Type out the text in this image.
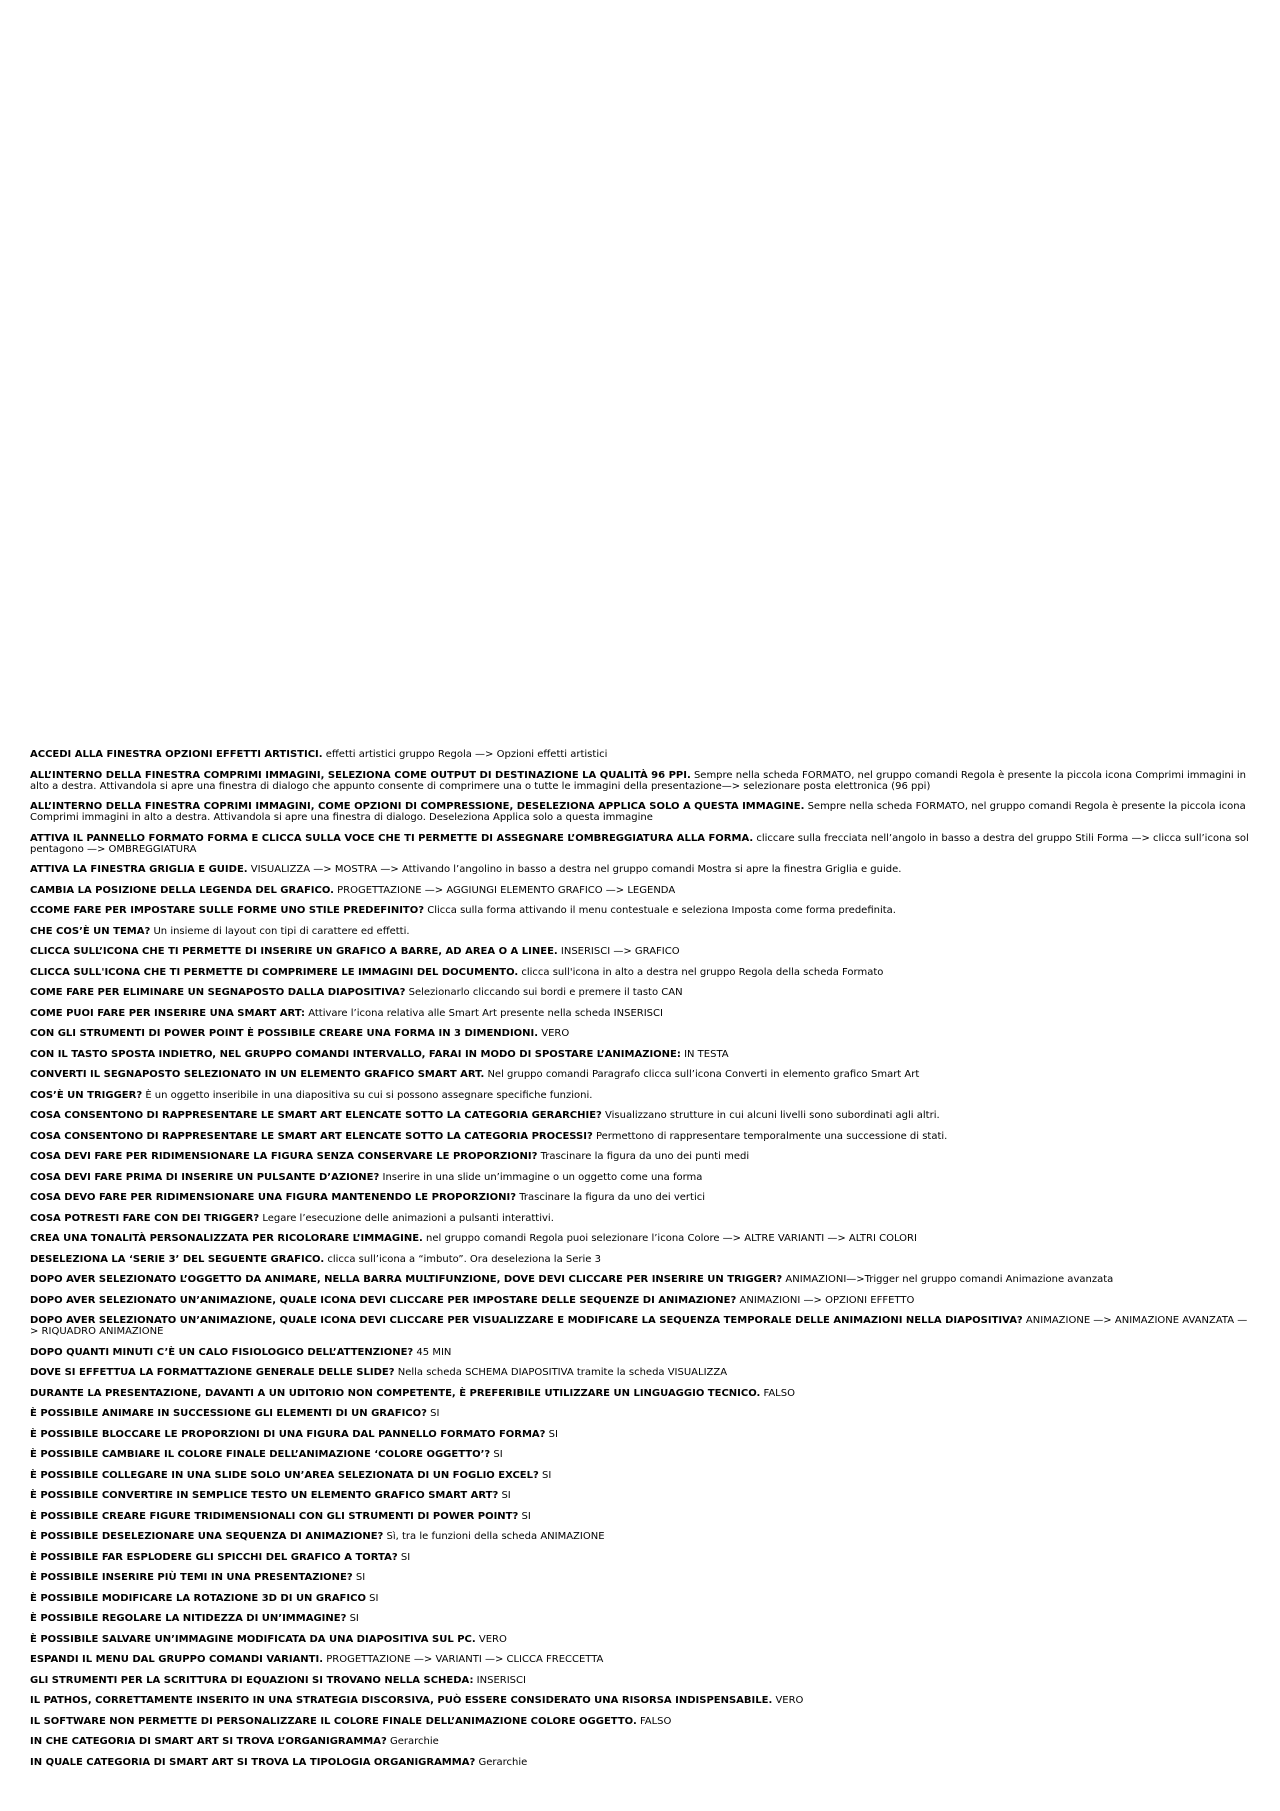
ACCEDI ALLA FINESTRA OPZIONI EFFETTI ARTISTICI. effetti artistici gruppo Regola —> Opzioni effetti artistici
ALL’INTERNO DELLA FINESTRA COMPRIMI IMMAGINI, SELEZIONA COME OUTPUT DI DESTINAZIONE LA QUALITÀ 96 PPI. Sempre nella scheda FORMATO, nel gruppo comandi Regola è presente la piccola icona Comprimi immagini in alto a destra. Attivandola si apre una finestra di dialogo che appunto consente di comprimere una o tutte le immagini della presentazione—> selezionare posta elettronica (96 ppi)
ALL’INTERNO DELLA FINESTRA COPRIMI IMMAGINI, COME OPZIONI DI COMPRESSIONE, DESELEZIONA APPLICA SOLO A QUESTA IMMAGINE. Sempre nella scheda FORMATO, nel gruppo comandi Regola è presente la piccola icona Comprimi immagini in alto a destra. Attivandola si apre una finestra di dialogo. Deseleziona Applica solo a questa immagine
ATTIVA IL PANNELLO FORMATO FORMA E CLICCA SULLA VOCE CHE TI PERMETTE DI ASSEGNARE L’OMBREGGIATURA ALLA FORMA. cliccare sulla frecciata nell’angolo in basso a destra del gruppo Stili Forma —> clicca sull’icona sol pentagono —> OMBREGGIATURA
ATTIVA LA FINESTRA GRIGLIA E GUIDE. VISUALIZZA —> MOSTRA —> Attivando l’angolino in basso a destra nel gruppo comandi Mostra si apre la finestra Griglia e guide.
CAMBIA LA POSIZIONE DELLA LEGENDA DEL GRAFICO. PROGETTAZIONE —> AGGIUNGI ELEMENTO GRAFICO —> LEGENDA
CCOME FARE PER IMPOSTARE SULLE FORME UNO STILE PREDEFINITO? Clicca sulla forma attivando il menu contestuale e seleziona Imposta come forma predefinita.
CHE COS’È UN TEMA? Un insieme di layout con tipi di carattere ed effetti.
CLICCA SULL’ICONA CHE TI PERMETTE DI INSERIRE UN GRAFICO A BARRE, AD AREA O A LINEE. INSERISCI —> GRAFICO
CLICCA SULL'ICONA CHE TI PERMETTE DI COMPRIMERE LE IMMAGINI DEL DOCUMENTO. clicca sull'icona in alto a destra nel gruppo Regola della scheda Formato
COME FARE PER ELIMINARE UN SEGNAPOSTO DALLA DIAPOSITIVA? Selezionarlo cliccando sui bordi e premere il tasto CAN
COME PUOI FARE PER INSERIRE UNA SMART ART: Attivare l’icona relativa alle Smart Art presente nella scheda INSERISCI
CON GLI STRUMENTI DI POWER POINT È POSSIBILE CREARE UNA FORMA IN 3 DIMENDIONI. VERO
CON IL TASTO SPOSTA INDIETRO, NEL GRUPPO COMANDI INTERVALLO, FARAI IN MODO DI SPOSTARE L’ANIMAZIONE: IN TESTA
CONVERTI IL SEGNAPOSTO SELEZIONATO IN UN ELEMENTO GRAFICO SMART ART. Nel gruppo comandi Paragrafo clicca sull’icona Converti in elemento grafico Smart Art
COS’È UN TRIGGER? È un oggetto inseribile in una diapositiva su cui si possono assegnare specifiche funzioni.
COSA CONSENTONO DI RAPPRESENTARE LE SMART ART ELENCATE SOTTO LA CATEGORIA GERARCHIE? Visualizzano strutture in cui alcuni livelli sono subordinati agli altri.
COSA CONSENTONO DI RAPPRESENTARE LE SMART ART ELENCATE SOTTO LA CATEGORIA PROCESSI? Permettono di rappresentare temporalmente una successione di stati.
COSA DEVI FARE PER RIDIMENSIONARE LA FIGURA SENZA CONSERVARE LE PROPORZIONI? Trascinare la figura da uno dei punti medi
COSA DEVI FARE PRIMA DI INSERIRE UN PULSANTE D’AZIONE? Inserire in una slide un’immagine o un oggetto come una forma
COSA DEVO FARE PER RIDIMENSIONARE UNA FIGURA MANTENENDO LE PROPORZIONI? Trascinare la figura da uno dei vertici
COSA POTRESTI FARE CON DEI TRIGGER? Legare l’esecuzione delle animazioni a pulsanti interattivi.
CREA UNA TONALITÀ PERSONALIZZATA PER RICOLORARE L’IMMAGINE. nel gruppo comandi Regola puoi selezionare l’icona Colore —> ALTRE VARIANTI —> ALTRI COLORI
DESELEZIONA LA ‘SERIE 3’ DEL SEGUENTE GRAFICO. clicca sull’icona a “imbuto”. Ora deseleziona la Serie 3
DOPO AVER SELEZIONATO L’OGGETTO DA ANIMARE, NELLA BARRA MULTIFUNZIONE, DOVE DEVI CLICCARE PER INSERIRE UN TRIGGER? ANIMAZIONI—>Trigger nel gruppo comandi Animazione avanzata
DOPO AVER SELEZIONATO UN’ANIMAZIONE, QUALE ICONA DEVI CLICCARE PER IMPOSTARE DELLE SEQUENZE DI ANIMAZIONE? ANIMAZIONI —> OPZIONI EFFETTO
DOPO AVER SELEZIONATO UN’ANIMAZIONE, QUALE ICONA DEVI CLICCARE PER VISUALIZZARE E MODIFICARE LA SEQUENZA TEMPORALE DELLE ANIMAZIONI NELLA DIAPOSITIVA? ANIMAZIONE —> ANIMAZIONE AVANZATA —> RIQUADRO ANIMAZIONE
DOPO QUANTI MINUTI C’È UN CALO FISIOLOGICO DELL’ATTENZIONE? 45 MIN
DOVE SI EFFETTUA LA FORMATTAZIONE GENERALE DELLE SLIDE? Nella scheda SCHEMA DIAPOSITIVA tramite la scheda VISUALIZZA
DURANTE LA PRESENTAZIONE, DAVANTI A UN UDITORIO NON COMPETENTE, È PREFERIBILE UTILIZZARE UN LINGUAGGIO TECNICO. FALSO
È POSSIBILE ANIMARE IN SUCCESSIONE GLI ELEMENTI DI UN GRAFICO? SI
È POSSIBILE BLOCCARE LE PROPORZIONI DI UNA FIGURA DAL PANNELLO FORMATO FORMA? SI
È POSSIBILE CAMBIARE IL COLORE FINALE DELL’ANIMAZIONE ‘COLORE OGGETTO’? SI
È POSSIBILE COLLEGARE IN UNA SLIDE SOLO UN’AREA SELEZIONATA DI UN FOGLIO EXCEL? SI
È POSSIBILE CONVERTIRE IN SEMPLICE TESTO UN ELEMENTO GRAFICO SMART ART? SI
È POSSIBILE CREARE FIGURE TRIDIMENSIONALI CON GLI STRUMENTI DI POWER POINT? SI
È POSSIBILE DESELEZIONARE UNA SEQUENZA DI ANIMAZIONE? Sì, tra le funzioni della scheda ANIMAZIONE
È POSSIBILE FAR ESPLODERE GLI SPICCHI DEL GRAFICO A TORTA? SI
È POSSIBILE INSERIRE PIÙ TEMI IN UNA PRESENTAZIONE? SI
È POSSIBILE MODIFICARE LA ROTAZIONE 3D DI UN GRAFICO SI
È POSSIBILE REGOLARE LA NITIDEZZA DI UN’IMMAGINE? SI
È POSSIBILE SALVARE UN’IMMAGINE MODIFICATA DA UNA DIAPOSITIVA SUL PC. VERO
ESPANDI IL MENU DAL GRUPPO COMANDI VARIANTI. PROGETTAZIONE —> VARIANTI —> CLICCA FRECCETTA
GLI STRUMENTI PER LA SCRITTURA DI EQUAZIONI SI TROVANO NELLA SCHEDA: INSERISCI
IL PATHOS, CORRETTAMENTE INSERITO IN UNA STRATEGIA DISCORSIVA, PUÒ ESSERE CONSIDERATO UNA RISORSA INDISPENSABILE. VERO
IL SOFTWARE NON PERMETTE DI PERSONALIZZARE IL COLORE FINALE DELL’ANIMAZIONE COLORE OGGETTO. FALSO
IN CHE CATEGORIA DI SMART ART SI TROVA L’ORGANIGRAMMA? Gerarchie
IN QUALE CATEGORIA DI SMART ART SI TROVA LA TIPOLOGIA ORGANIGRAMMA? Gerarchie
